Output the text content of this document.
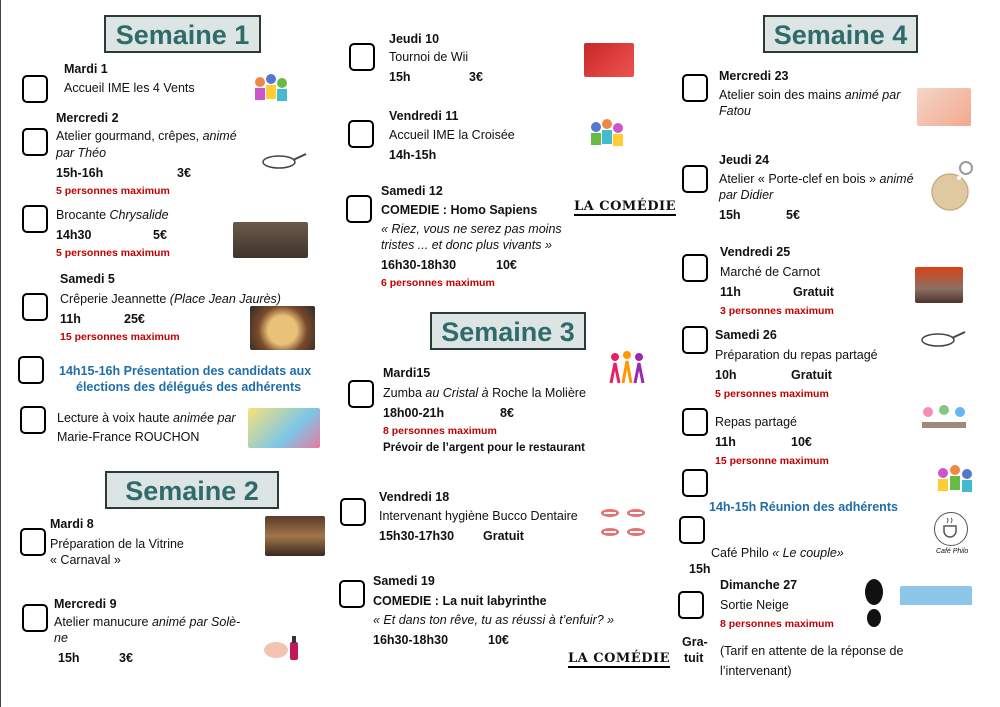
Semaine 1
Mardi 1
Accueil IME les 4 Vents
Mercredi 2
Atelier gourmand, crêpes, animé
par Théo
15h-16h	3€
5 personnes maximum
Brocante Chrysalide
14h30	5€
5 personnes maximum
Samedi 5
Crêperie Jeannette (Place Jean Jaurès)
11h	25€
15 personnes maximum
14h15-16h Présentation des candidats aux
élections des délégués des adhérents
Lecture à voix haute animée par
Marie-France ROUCHON
Semaine 2
Mardi 8
Préparation de la Vitrine
« Carnaval »
Mercredi 9
Atelier manucure animé par Solè-
ne
15h	3€
Jeudi 10
Tournoi de Wii
15h	3€
Vendredi 11
Accueil IME la Croisée
14h-15h
Samedi 12
COMEDIE : Homo Sapiens
« Riez, vous ne serez pas moins
tristes ... et donc plus vivants »
16h30-18h30	10€
6 personnes maximum
LA COMÉDIE
Semaine 3
Mardi15
Zumba au Cristal à Roche la Molière
18h00-21h	8€
8 personnes maximum
Prévoir de l’argent pour le restaurant
Vendredi 18
Intervenant hygiène Bucco Dentaire
15h30-17h30 Gratuit
Samedi 19
COMEDIE : La nuit labyrinthe
« Et dans ton rêve, tu as réussi à t’enfuir? »
16h30-18h30	10€
LA COMÉDIE
Semaine 4
Mercredi 23
Atelier soin des mains animé par
Fatou
Jeudi 24
Atelier « Porte-clef en bois » animé
par Didier
15h	5€
Vendredi 25
Marché de Carnot
11h	Gratuit
3 personnes maximum
Samedi 26
Préparation du repas partagé
10h	Gratuit
5 personnes maximum
Repas partagé
11h	10€
15 personne maximum
14h-15h Réunion des adhérents
Café Philo « Le couple»
15h
Café Philo
Dimanche 27
Sortie Neige
8 personnes maximum
Gra-
tuit (Tarif en attente de la réponse de
l’intervenant)
